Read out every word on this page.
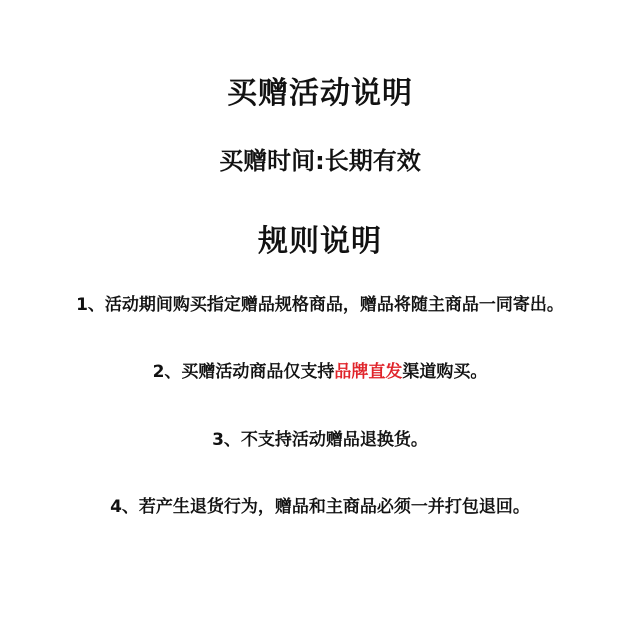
买赠活动说明
买赠时间:长期有效
规则说明
1、活动期间购买指定赠品规格商品，赠品将随主商品一同寄出。
2、买赠活动商品仅支持品牌直发渠道购买。
3、不支持活动赠品退换货。
4、若产生退货行为，赠品和主商品必须一并打包退回。
